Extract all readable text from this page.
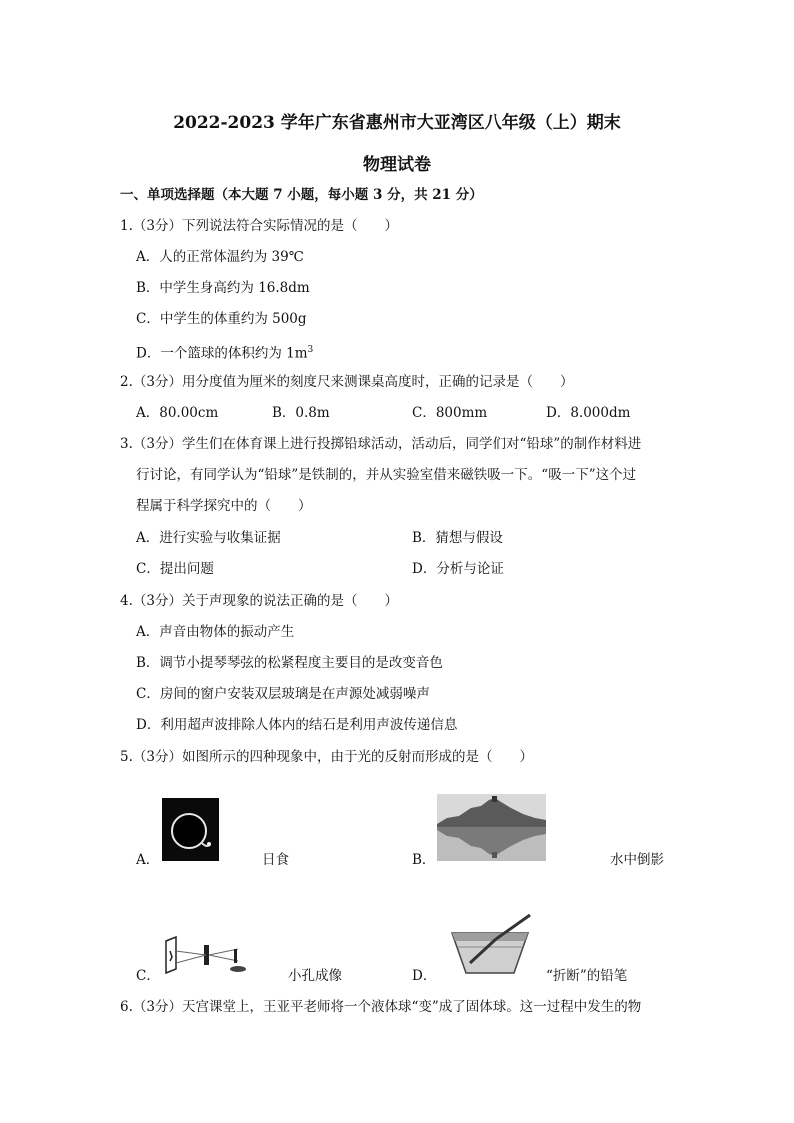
2022-2023 学年广东省惠州市大亚湾区八年级（上）期末
物理试卷
一、单项选择题（本大题 7 小题，每小题 3 分，共 21 分）
1.（3分）下列说法符合实际情况的是（　　）
A．人的正常体温约为 39℃
B．中学生身高约为 16.8dm
C．中学生的体重约为 500g
D．一个篮球的体积约为 $1m^3$
2.（3分）用分度值为厘米的刻度尺来测课桌高度时，正确的记录是（　　）
A．80.00cm	B．0.8m	C．800mm	D．8.000dm
3.（3分）学生们在体育课上进行投掷铅球活动，活动后，同学们对“铅球”的制作材料进
行讨论，有同学认为“铅球”是铁制的，并从实验室借来磁铁吸一下。“吸一下”这个过
程属于科学探究中的（　　）
A．进行实验与收集证据	B．猜想与假设
C．提出问题	D．分析与论证
4.（3分）关于声现象的说法正确的是（　　）
A．声音由物体的振动产生
B．调节小提琴琴弦的松紧程度主要目的是改变音色
C．房间的窗户安装双层玻璃是在声源处减弱噪声
D．利用超声波排除人体内的结石是利用声波传递信息
5.（3分）如图所示的四种现象中，由于光的反射而形成的是（　　）
A．	日食	B．	水中倒影
C．	小孔成像	D．	“折断”的铅笔
6.（3分）天宫课堂上，王亚平老师将一个液体球“变”成了固体球。这一过程中发生的物
